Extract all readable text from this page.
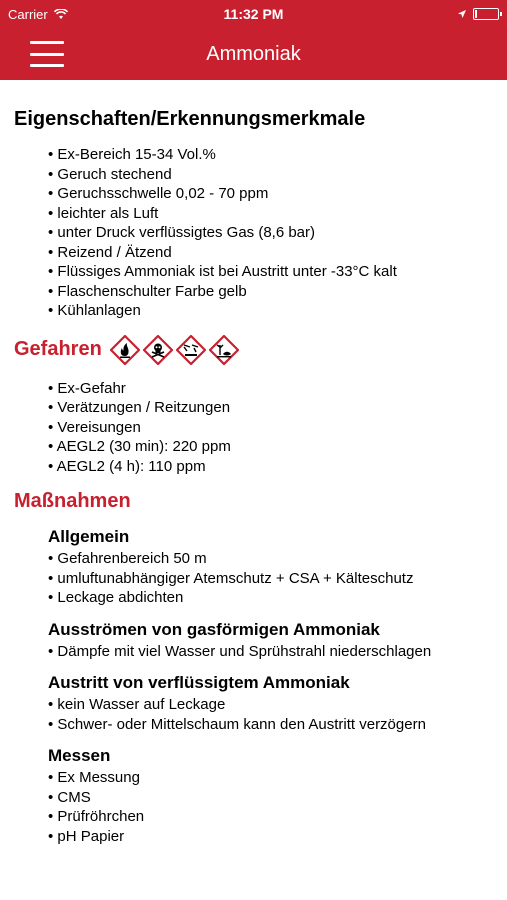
Carrier	11:32 PM
Ammoniak
Eigenschaften/Erkennungsmerkmale
• Ex-Bereich 15-34 Vol.%
• Geruch stechend
• Geruchsschwelle 0,02 - 70 ppm
• leichter als Luft
• unter Druck verflüssigtes Gas (8,6 bar)
• Reizend / Ätzend
• Flüssiges Ammoniak ist bei Austritt unter -33°C kalt
• Flaschenschulter Farbe gelb
• Kühlanlagen
Gefahren
• Ex-Gefahr
• Verätzungen / Reitzungen
• Vereisungen
• AEGL2 (30 min): 220 ppm
• AEGL2 (4 h): 110 ppm
Maßnahmen
Allgemein
• Gefahrenbereich 50 m
• umluftunabhängiger Atemschutz + CSA + Kälteschutz
• Leckage abdichten
Ausströmen von gasförmigen Ammoniak
• Dämpfe mit viel Wasser und Sprühstrahl niederschlagen
Austritt von verflüssigtem Ammoniak
• kein Wasser auf Leckage
• Schwer- oder Mittelschaum kann den Austritt verzögern
Messen
• Ex Messung
• CMS
• Prüfröhrchen
• pH Papier
